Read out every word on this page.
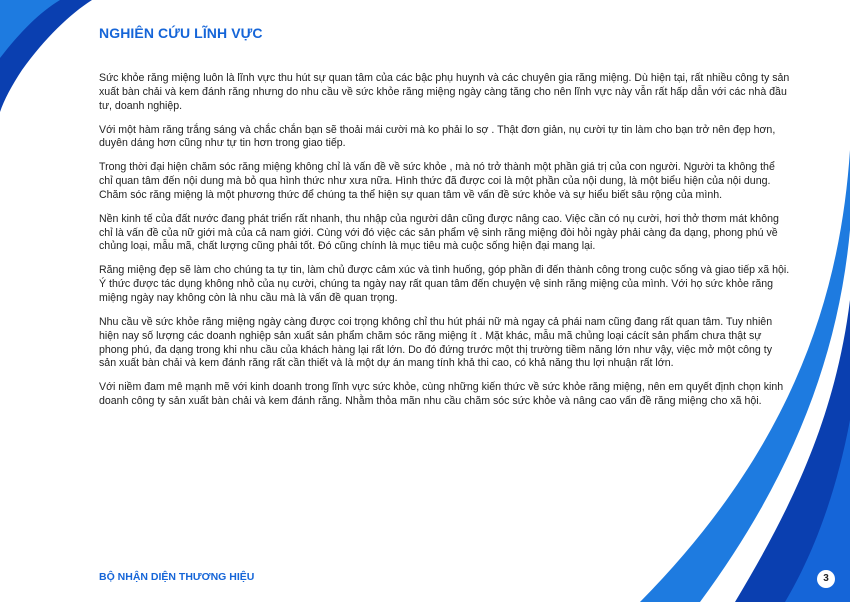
NGHIÊN CỨU LĨNH VỰC

Sức khỏe răng miệng luôn là lĩnh vực thu hút sự quan tâm của các bậc phụ huynh và các chuyên gia răng miệng. Dù hiện tại, rất nhiều công ty sản xuất bàn chải và kem đánh răng nhưng do nhu cầu về sức khỏe răng miệng ngày càng tăng cho nên lĩnh vực này vẫn rất hấp dẫn với các nhà đầu tư, doanh nghiệp.

Với một hàm răng trắng sáng và chắc chắn bạn sẽ thoải mái cười mà ko phải lo sợ . Thật đơn giản, nụ cười tự tin làm cho bạn trở nên đẹp hơn, duyên dáng hơn cũng như tự tin hơn trong giao tiếp.

Trong thời đại hiện chăm sóc răng miệng không chỉ là vấn đề về sức khỏe , mà nó trở thành một phần giá trị của con người. Người ta không thể chỉ quan tâm đến nội dung mà bỏ qua hình thức như xưa nữa. Hình thức đã được coi là một phần của nội dung, là một biểu hiện của nội dung. Chăm sóc răng miệng là một phương thức để chúng ta thể hiện sự quan tâm về vấn đề sức khỏe và sự hiểu biết sâu rộng của mình.

Nền kinh tế của đất nước đang phát triển rất nhanh, thu nhập của người dân cũng được nâng cao. Việc cần có nụ cười, hơi thở thơm mát không chỉ là vấn đề của nữ giới mà của cả nam giới. Cùng với đó việc các sản phẩm vệ sinh răng miệng đòi hỏi ngày phải càng đa dạng, phong phú về chủng loại, mẫu mã, chất lượng cũng phải tốt. Đó cũng chính là mục tiêu mà cuộc sống hiện đại mang lại.

Răng miệng đẹp sẽ làm cho chúng ta tự tin, làm chủ được cảm xúc và tình huống, góp phần đi đến thành công trong cuộc sống và giao tiếp xã hội. Ý thức được tác dụng không nhỏ của nụ cười, chúng ta ngày nay rất quan tâm đến chuyện vệ sinh răng miệng của mình. Với họ sức khỏe răng miệng ngày nay không còn là nhu cầu mà là vấn đề quan trọng.

Nhu cầu về sức khỏe răng miệng ngày càng được coi trọng không chỉ thu hút phái nữ mà ngay cả phái nam cũng đang rất quan tâm. Tuy nhiên hiện nay số lượng các doanh nghiệp sản xuất sản phẩm chăm sóc răng miệng ít . Mặt khác, mẫu mã chủng loại cácít sản phẩm chưa thật sự phong phú, đa dạng trong khi nhu cầu của khách hàng lại rất lớn. Do đó đứng trước một thị trường tiềm năng lớn như vậy, việc mở một công ty sản xuất bàn chải và kem đánh răng rất cần thiết và là một dự án mang tính khả thi cao, có khả năng thu lợi nhuận rất lớn.

Với niềm đam mê mạnh mẽ với kinh doanh trong lĩnh vực sức khỏe, cùng những kiến thức về sức khỏe răng miệng, nên em quyết định chọn kinh doanh công ty sản xuất bàn chải và kem đánh răng. Nhằm thỏa mãn nhu cầu chăm sóc sức khỏe và nâng cao vấn đề răng miệng cho xã hội.

BỘ NHẬN DIỆN THƯƠNG HIỆU	3
